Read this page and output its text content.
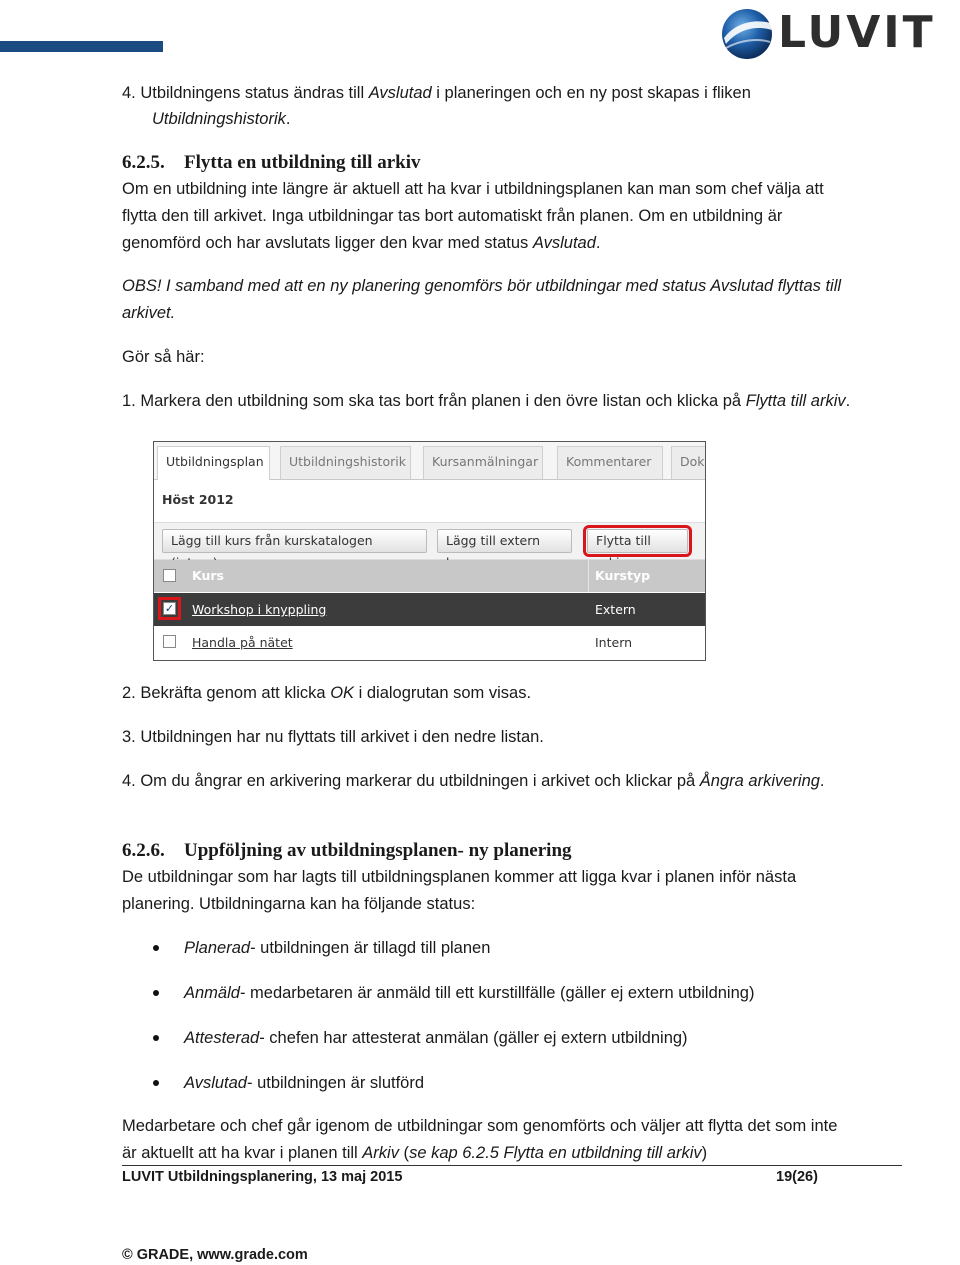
LUVIT

4. Utbildningens status ändras till Avslutad i planeringen och en ny post skapas i fliken

Utbildningshistorik.

6.2.5. Flytta en utbildning till arkiv

Om en utbildning inte längre är aktuell att ha kvar i utbildningsplanen kan man som chef välja att

flytta den till arkivet. Inga utbildningar tas bort automatiskt från planen. Om en utbildning är

genomförd och har avslutats ligger den kvar med status Avslutad.

OBS! I samband med att en ny planering genomförs bör utbildningar med status Avslutad flyttas till

arkivet.

Gör så här:

1. Markera den utbildning som ska tas bort från planen i den övre listan och klicka på Flytta till arkiv.

Utbildningsplan	Utbildningshistorik	Kursanmälningar	Kommentarer	Dok
Höst 2012
Lägg till kurs från kurskatalogen	Lägg till extern	Flytta till
Kurs	Kurstyp
✓ Workshop i knyppling	Extern
Handla på nätet	Intern

2. Bekräfta genom att klicka OK i dialogrutan som visas.

3. Utbildningen har nu flyttats till arkivet i den nedre listan.

4. Om du ångrar en arkivering markerar du utbildningen i arkivet och klickar på Ångra arkivering.

6.2.6. Uppföljning av utbildningsplanen- ny planering

De utbildningar som har lagts till utbildningsplanen kommer att ligga kvar i planen inför nästa

planering. Utbildningarna kan ha följande status:

Planerad- utbildningen är tillagd till planen

Anmäld- medarbetaren är anmäld till ett kurstillfälle (gäller ej extern utbildning)

Attesterad- chefen har attesterat anmälan (gäller ej extern utbildning)

Avslutad- utbildningen är slutförd

Medarbetare och chef går igenom de utbildningar som genomförts och väljer att flytta det som inte

är aktuellt att ha kvar i planen till Arkiv (se kap 6.2.5 Flytta en utbildning till arkiv)

LUVIT Utbildningsplanering, 13 maj 2015	19(26)
© GRADE, www.grade.com
